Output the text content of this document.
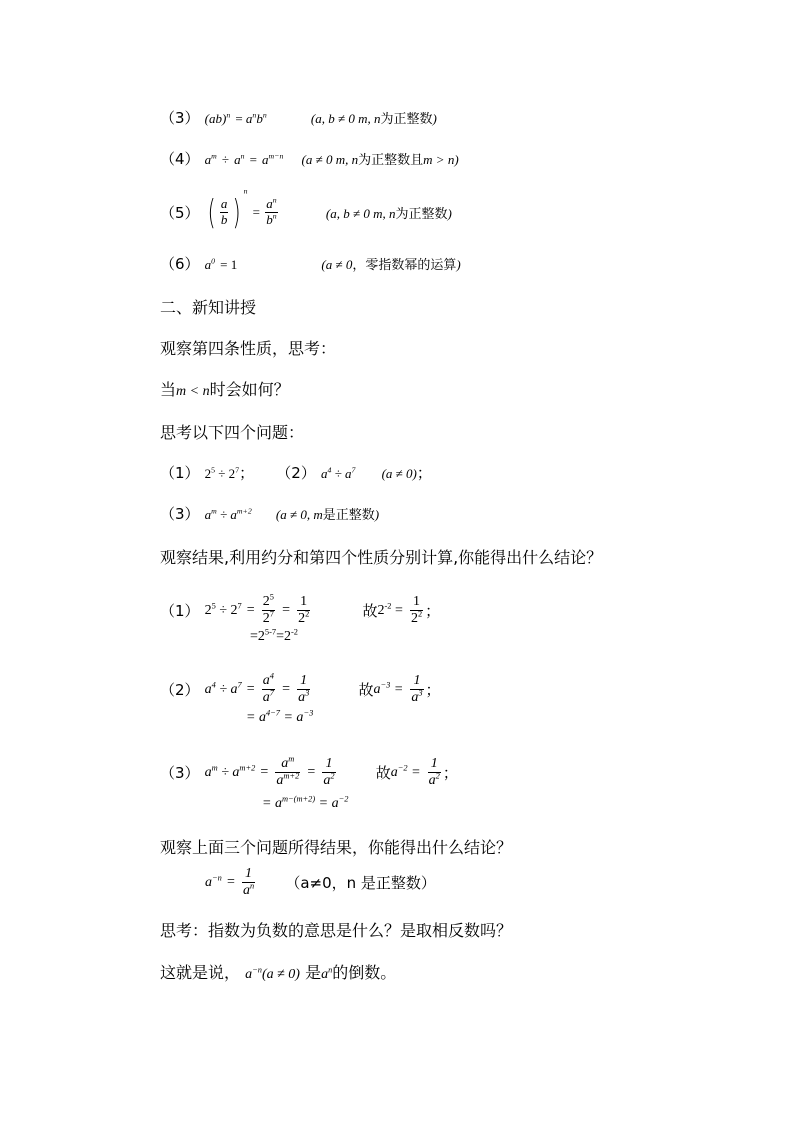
（3） $(ab)^n = a^nb^n$	(a, b ≠ 0 m, n为正整数)
（4） $a^m \div a^n = a^{m-n}$ (a ≠ 0 m, n为正整数且m > n)
（5） ( $\frac{a}{b} )^{^n} = \frac{a^n}{b^n}$	(a, b ≠ 0 m, n为正整数)
（6） $a^0 = 1$	(a ≠ 0，零指数幂的运算)
二、新知讲授
观察第四条性质，思考：
当m < n时会如何？
思考以下四个问题：
（1） $2^5 \div 2^7$； （2） $a^4 \div a^7$ (a ≠ 0)；
（3） $a^m \div a^{m+2}$ (a ≠ 0, m是正整数)
观察结果,利用约分和第四个性质分别计算,你能得出什么结论？
（1） $2^5 \div 2^7 = \frac{2^5}{2^7} = \frac{1}{2^2}$	故$2^{-2} = \frac{1}{2^2}$ ；
$=2^{5-7}=2^{-2}$
（2） $a^4 \div a^7 = \frac{a^4}{a^7} = \frac{1}{a^3}$	故$a^{-3} = \frac{1}{a^3}$ ；
= $a^{4-7} = a^{-3}$
（3） $a^m \div a^{m+2} = \frac{a^m}{a^{m+2}} = \frac{1}{a^2}$	故$a^{-2} = \frac{1}{a^2}$ ；
= $a^{m-(m+2)} = a^{-2}$
观察上面三个问题所得结果，你能得出什么结论？
$a^{-n} = \frac{1}{a^n} (a\ne 0$，n 是正整数）
思考：指数为负数的意思是什么？是取相反数吗？
这就是说， $a^{-n}(a \ne 0)$ 是$a^n$的倒数。
